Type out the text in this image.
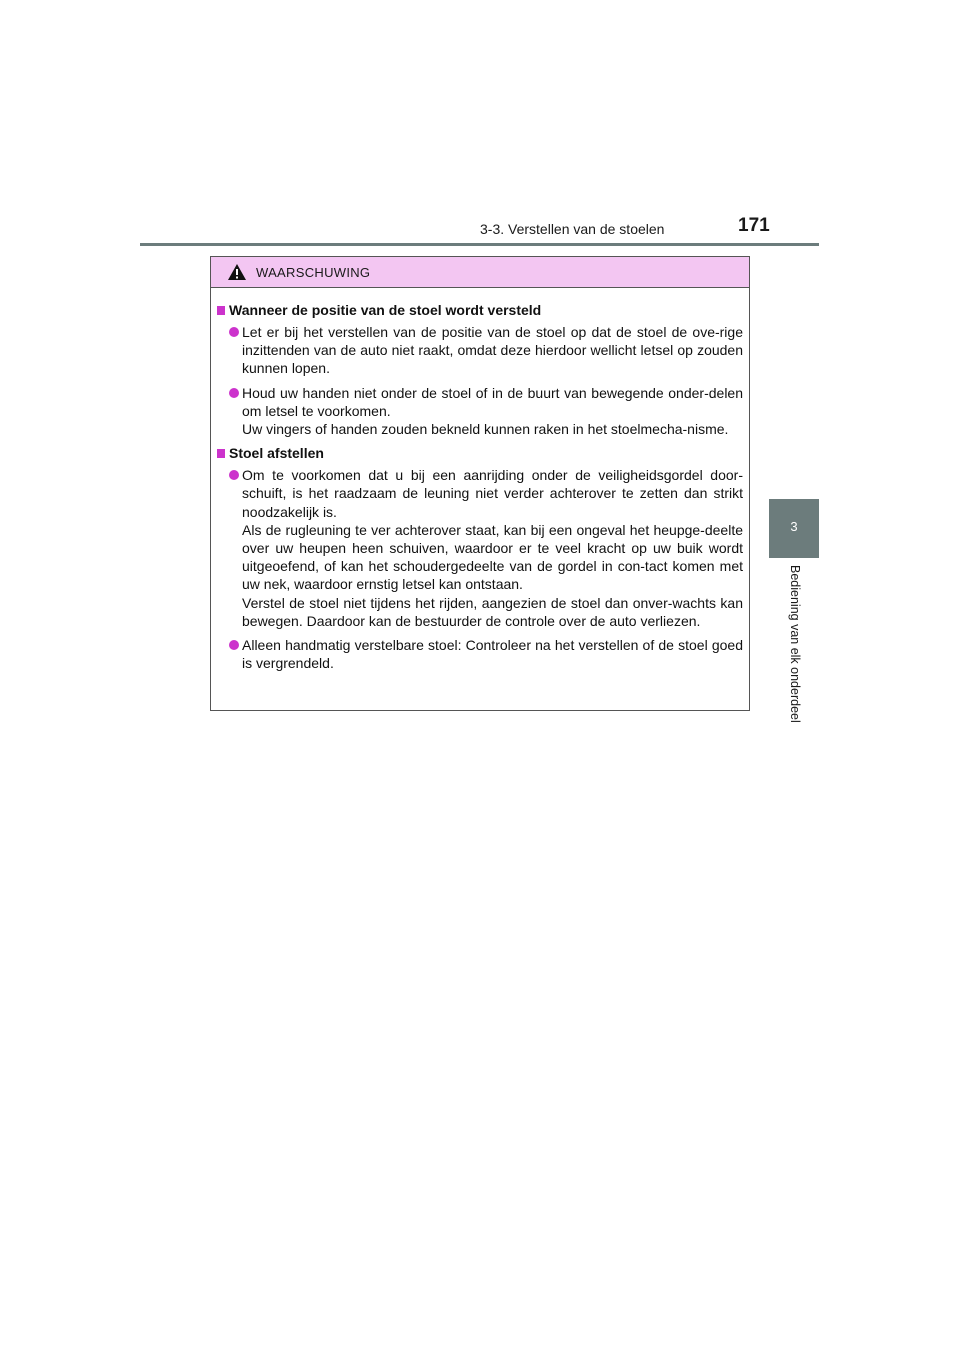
3-3. Verstellen van de stoelen	171
3
Bediening van elk onderdeel
WAARSCHUWING
Wanneer de positie van de stoel wordt versteld

Let er bij het verstellen van de positie van de stoel op dat de stoel de ove-rige inzittenden van de auto niet raakt, omdat deze hierdoor wellicht letsel op zouden kunnen lopen.

Houd uw handen niet onder de stoel of in de buurt van bewegende onder-delen om letsel te voorkomen.

Uw vingers of handen zouden bekneld kunnen raken in het stoelmecha-nisme.

Stoel afstellen

Om te voorkomen dat u bij een aanrijding onder de veiligheidsgordel door-schuift, is het raadzaam de leuning niet verder achterover te zetten dan strikt noodzakelijk is.

Als de rugleuning te ver achterover staat, kan bij een ongeval het heupge-deelte over uw heupen heen schuiven, waardoor er te veel kracht op uw buik wordt uitgeoefend, of kan het schoudergedeelte van de gordel in con-tact komen met uw nek, waardoor ernstig letsel kan ontstaan.

Verstel de stoel niet tijdens het rijden, aangezien de stoel dan onver-wachts kan bewegen. Daardoor kan de bestuurder de controle over de auto verliezen.

Alleen handmatig verstelbare stoel: Controleer na het verstellen of de stoel goed is vergrendeld.
